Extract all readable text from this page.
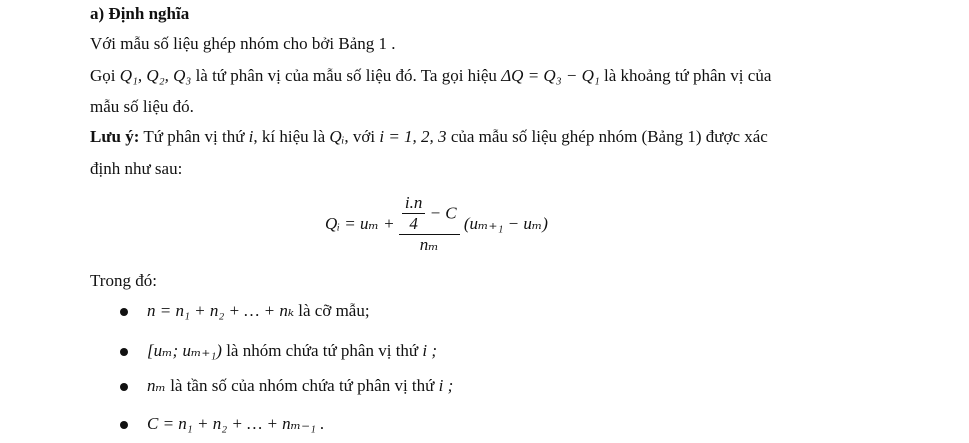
a) Định nghĩa
Với mẫu số liệu ghép nhóm cho bởi Bảng 1 .
Gọi Q₁, Q₂, Q₃ là tứ phân vị của mẫu số liệu đó. Ta gọi hiệu ΔQ = Q₃ − Q₁ là khoảng tứ phân vị của
mẫu số liệu đó.
Lưu ý: Tứ phân vị thứ i, kí hiệu là Qᵢ, với i = 1, 2, 3 của mẫu số liệu ghép nhóm (Bảng 1) được xác
định như sau:
Qᵢ = $u_m + \frac{\frac{i.n}{4} - C}{\text{nₘ}} (u_{m+1} - u_m)$
Trong đó:
n = n₁ + n₂ + … + nₖ là cỡ mẫu;
[uₘ; uₘ₊₁) là nhóm chứa tứ phân vị thứ i ;
nₘ là tần số của nhóm chứa tứ phân vị thứ i ;
C = n₁ + n₂ + … + nₘ₋₁ .
